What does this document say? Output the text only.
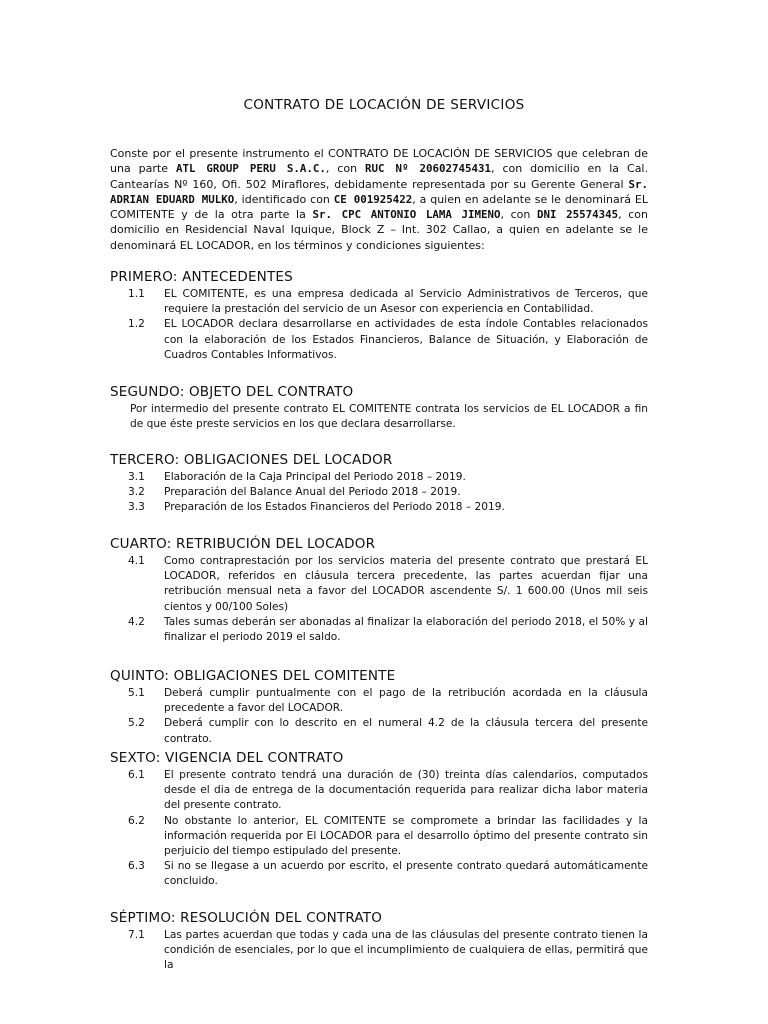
CONTRATO DE LOCACIÓN DE SERVICIOS

Conste por el presente instrumento el CONTRATO DE LOCACIÓN DE SERVICIOS que celebran de una parte ATL GROUP PERU S.A.C., con RUC Nº 20602745431, con domicilio en la Cal. Cantearías Nº 160, Ofi. 502 Miraflores, debidamente representada por su Gerente General Sr. ADRIAN EDUARD MULKO, identificado con CE 001925422, a quien en adelante se le denominará EL COMITENTE y de la otra parte la Sr. CPC ANTONIO LAMA JIMENO, con DNI 25574345, con domicilio en Residencial Naval Iquique, Block Z – Int. 302 Callao, a quien en adelante se le denominará EL LOCADOR, en los términos y condiciones siguientes:

PRIMERO: ANTECEDENTES
1.1	EL COMITENTE, es una empresa dedicada al Servicio Administrativos de Terceros, que requiere la prestación del servicio de un Asesor con experiencia en Contabilidad.
1.2	EL LOCADOR declara desarrollarse en actividades de esta índole Contables relacionados con la elaboración de los Estados Financieros, Balance de Situación, y Elaboración de Cuadros Contables Informativos.
SEGUNDO: OBJETO DEL CONTRATO

Por intermedio del presente contrato EL COMITENTE contrata los servicios de EL LOCADOR a fin de que éste preste servicios en los que declara desarrollarse.

TERCERO: OBLIGACIONES DEL LOCADOR
3.1	Elaboración de la Caja Principal del Periodo 2018 – 2019.
3.2	Preparación del Balance Anual del Periodo 2018 – 2019.
3.3	Preparación de los Estados Financieros del Periodo 2018 – 2019.
CUARTO: RETRIBUCIÓN DEL LOCADOR
4.1	Como contraprestación por los servicios materia del presente contrato que prestará EL LOCADOR, referidos en cláusula tercera precedente, las partes acuerdan fijar una retribución mensual neta a favor del LOCADOR ascendente S/. 1 600.00 (Unos mil seis cientos y 00/100 Soles)
4.2	Tales sumas deberán ser abonadas al finalizar la elaboración del periodo 2018, el 50% y al finalizar el periodo 2019 el saldo.
QUINTO: OBLIGACIONES DEL COMITENTE
5.1	Deberá cumplir puntualmente con el pago de la retribución acordada en la cláusula precedente a favor del LOCADOR.
5.2	Deberá cumplir con lo descrito en el numeral 4.2 de la cláusula tercera del presente contrato.
SEXTO: VIGENCIA DEL CONTRATO
6.1	El presente contrato tendrá una duración de (30) treinta días calendarios, computados desde el dia de entrega de la documentación requerida para realizar dicha labor materia del presente contrato.
6.2	No obstante lo anterior, EL COMITENTE se compromete a brindar las facilidades y la información requerida por El LOCADOR para el desarrollo óptimo del presente contrato sin perjuicio del tiempo estipulado del presente.
6.3	Si no se llegase a un acuerdo por escrito, el presente contrato quedará automáticamente concluido.
SÉPTIMO: RESOLUCIÓN DEL CONTRATO
7.1	Las partes acuerdan que todas y cada una de las cláusulas del presente contrato tienen la condición de esenciales, por lo que el incumplimiento de cualquiera de ellas, permitirá que la
